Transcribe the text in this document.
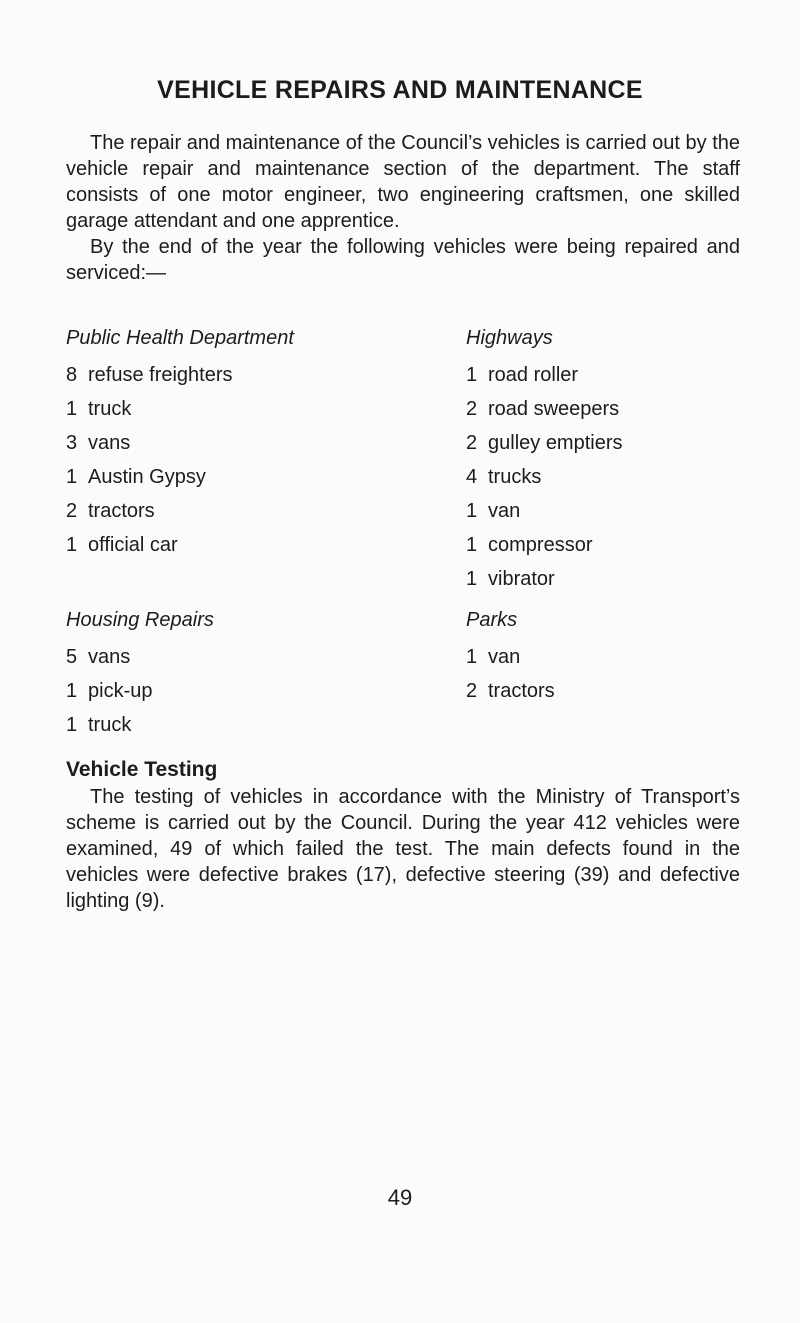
VEHICLE REPAIRS AND MAINTENANCE
The repair and maintenance of the Council’s vehicles is carried out by the vehicle repair and maintenance section of the department. The staff consists of one motor engineer, two engineering craftsmen, one skilled garage attendant and one apprentice.
By the end of the year the following vehicles were being repaired and serviced:—
Public Health Department
8 refuse freighters
1 truck
3 vans
1 Austin Gypsy
2 tractors
1 official car
Highways
1 road roller
2 road sweepers
2 gulley emptiers
4 trucks
1 van
1 compressor
1 vibrator
Housing Repairs
5 vans
1 pick-up
1 truck
Parks
1 van
2 tractors
Vehicle Testing
The testing of vehicles in accordance with the Ministry of Transport’s scheme is carried out by the Council. During the year 412 vehicles were examined, 49 of which failed the test. The main defects found in the vehicles were defective brakes (17), defective steering (39) and defective lighting (9).
49
